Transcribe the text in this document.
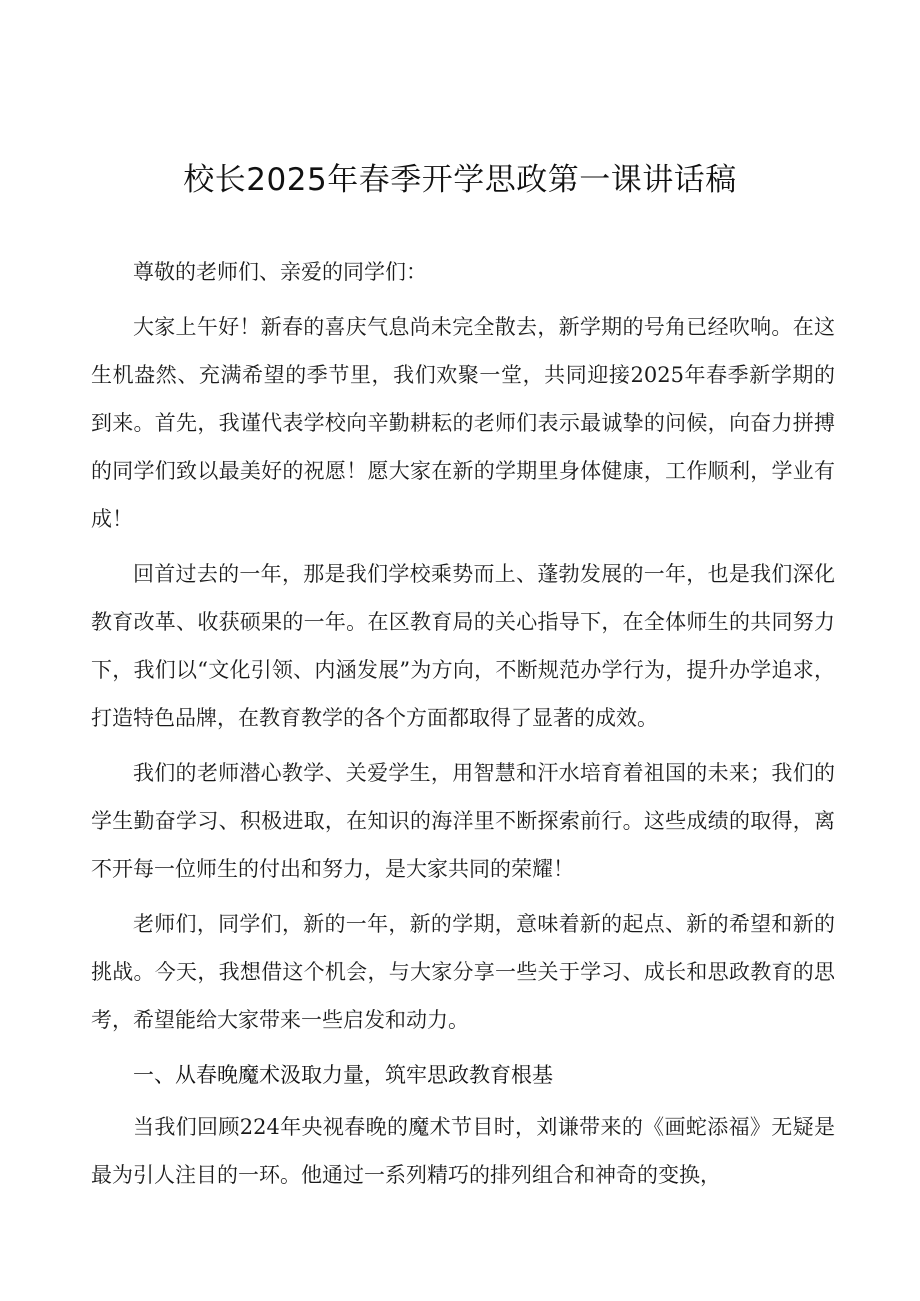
校长2025年春季开学思政第一课讲话稿

尊敬的老师们、亲爱的同学们：

大家上午好！新春的喜庆气息尚未完全散去，新学期的号角已经吹响。在这生机盎然、充满希望的季节里，我们欢聚一堂，共同迎接2025年春季新学期的到来。首先，我谨代表学校向辛勤耕耘的老师们表示最诚挚的问候，向奋力拼搏的同学们致以最美好的祝愿！愿大家在新的学期里身体健康，工作顺利，学业有成！

回首过去的一年，那是我们学校乘势而上、蓬勃发展的一年，也是我们深化教育改革、收获硕果的一年。在区教育局的关心指导下，在全体师生的共同努力下，我们以“文化引领、内涵发展”为方向，不断规范办学行为，提升办学追求，打造特色品牌，在教育教学的各个方面都取得了显著的成效。

我们的老师潜心教学、关爱学生，用智慧和汗水培育着祖国的未来；我们的学生勤奋学习、积极进取，在知识的海洋里不断探索前行。这些成绩的取得，离不开每一位师生的付出和努力，是大家共同的荣耀！

老师们，同学们，新的一年，新的学期，意味着新的起点、新的希望和新的挑战。今天，我想借这个机会，与大家分享一些关于学习、成长和思政教育的思考，希望能给大家带来一些启发和动力。

一、从春晚魔术汲取力量，筑牢思政教育根基

当我们回顾224年央视春晚的魔术节目时，刘谦带来的《画蛇添福》无疑是最为引人注目的一环。他通过一系列精巧的排列组合和神奇的变换，
